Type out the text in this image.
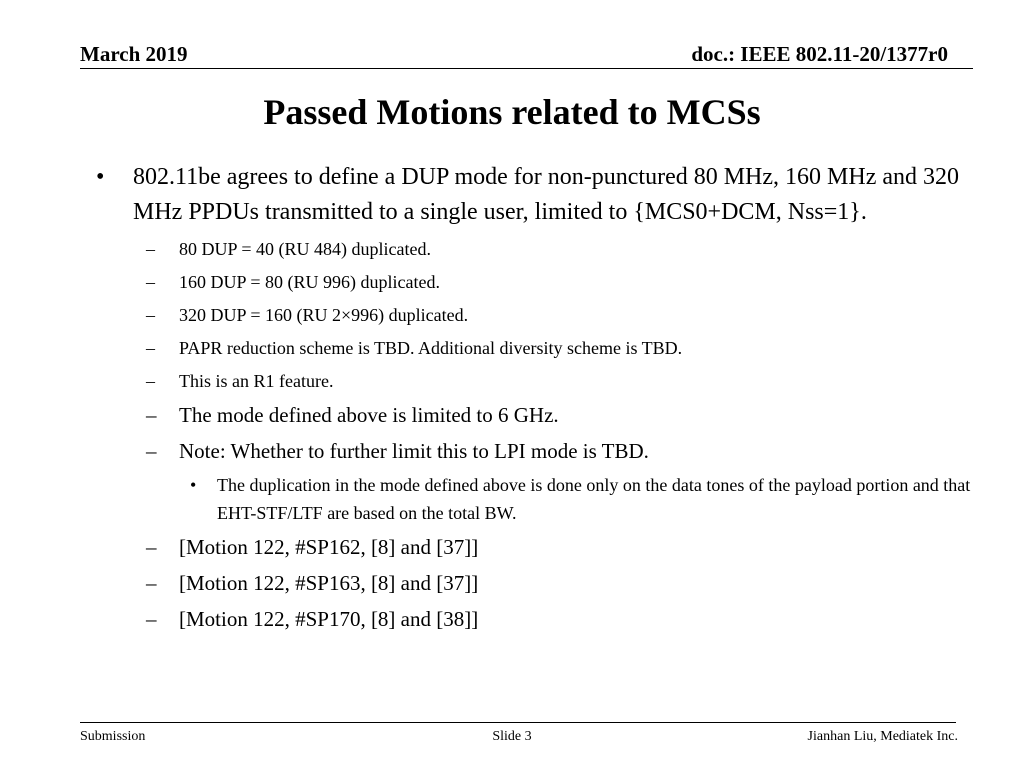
March 2019	doc.: IEEE 802.11-20/1377r0
Passed Motions related to MCSs
•	802.11be agrees to define a DUP mode for non-punctured 80 MHz, 160 MHz and 320 MHz PPDUs transmitted to a single user, limited to {MCS0+DCM, Nss=1}.
– 80 DUP = 40 (RU 484) duplicated.
– 160 DUP = 80 (RU 996) duplicated.
– 320 DUP = 160 (RU 2×996) duplicated.
– PAPR reduction scheme is TBD. Additional diversity scheme is TBD.
– This is an R1 feature.
– The mode defined above is limited to 6 GHz.
– Note: Whether to further limit this to LPI mode is TBD.
• The duplication in the mode defined above is done only on the data tones of the payload portion and that EHT-STF/LTF are based on the total BW.
– [Motion 122, #SP162, [8] and [37]]
– [Motion 122, #SP163, [8] and [37]]
– [Motion 122, #SP170, [8] and [38]]
Submission	Slide 3	Jianhan Liu, Mediatek Inc.
